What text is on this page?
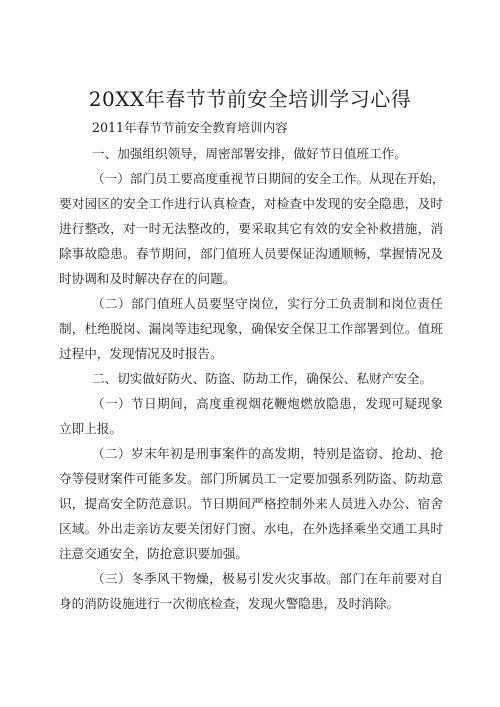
20XX年春节节前安全培训学习心得
2011年春节节前安全教育培训内容
一、加强组织领导，周密部署安排，做好节日值班工作。
（一）部门员工要高度重视节日期间的安全工作。从现在开始，
要对园区的安全工作进行认真检查，对检查中发现的安全隐患，及时
进行整改，对一时无法整改的，要采取其它有效的安全补救措施，消
除事故隐患。春节期间，部门值班人员要保证沟通顺畅，掌握情况及
时协调和及时解决存在的问题。
（二）部门值班人员要坚守岗位，实行分工负责制和岗位责任
制，杜绝脱岗、漏岗等违纪现象，确保安全保卫工作部署到位。值班
过程中，发现情况及时报告。
二、切实做好防火、防盗、防劫工作，确保公、私财产安全。
（一）节日期间，高度重视烟花鞭炮燃放隐患，发现可疑现象
立即上报。
（二）岁末年初是刑事案件的高发期，特别是盗窃、抢劫、抢
夺等侵财案件可能多发。部门所属员工一定要加强系列防盗、防劫意
识，提高安全防范意识。节日期间严格控制外来人员进入办公、宿舍
区域。外出走亲访友要关闭好门窗、水电，在外选择乘坐交通工具时
注意交通安全，防抢意识要加强。
（三）冬季风干物燥，极易引发火灾事故。部门在年前要对自
身的消防设施进行一次彻底检查，发现火警隐患，及时消除。
